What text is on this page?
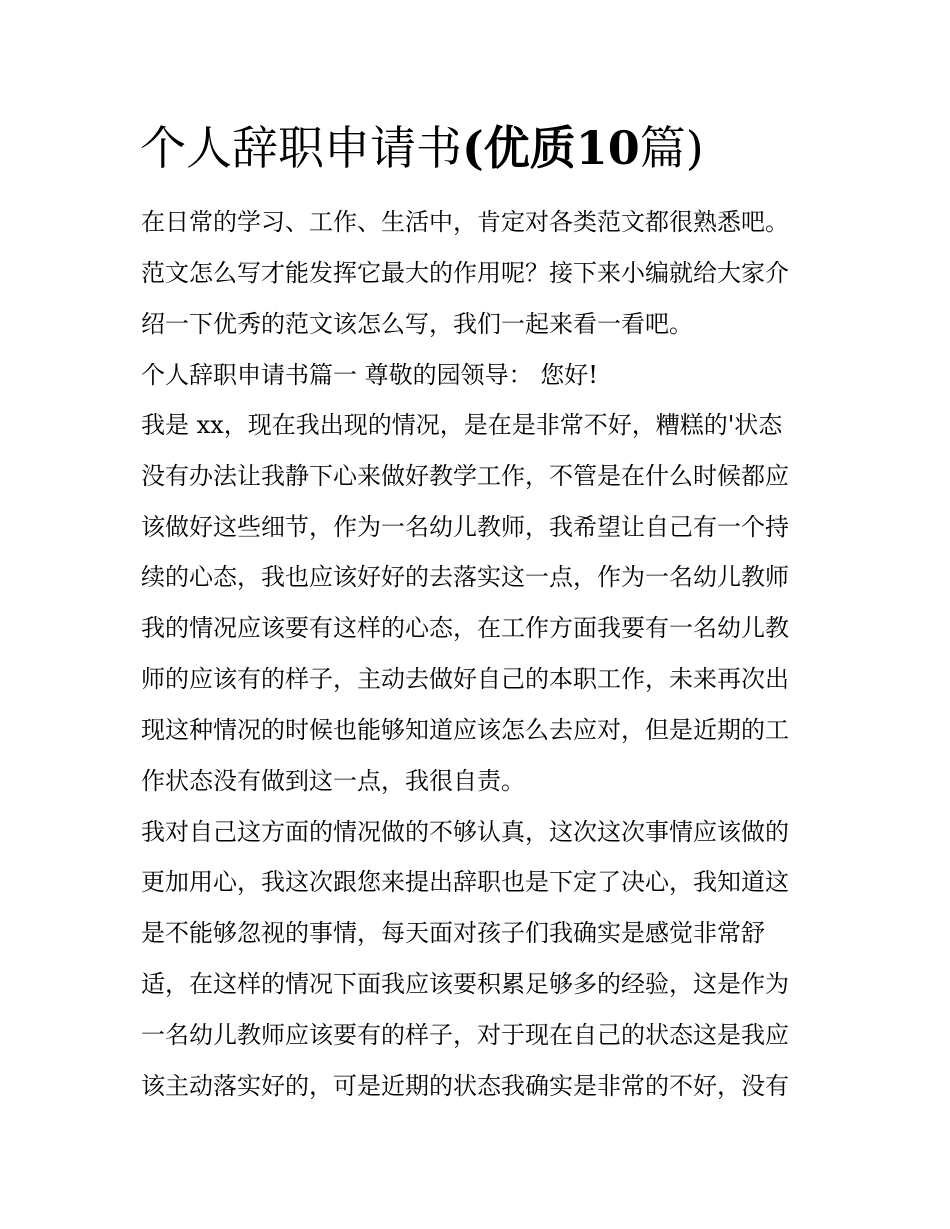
个人辞职申请书(优质10篇)

在日常的学习、工作、生活中，肯定对各类范文都很熟悉吧。

范文怎么写才能发挥它最大的作用呢？接下来小编就给大家介

绍一下优秀的范文该怎么写，我们一起来看一看吧。

个人辞职申请书篇一 尊敬的园领导： 您好!

我是 xx，现在我出现的情况，是在是非常不好，糟糕的'状态

没有办法让我静下心来做好教学工作，不管是在什么时候都应

该做好这些细节，作为一名幼儿教师，我希望让自己有一个持

续的心态，我也应该好好的去落实这一点，作为一名幼儿教师

我的情况应该要有这样的心态，在工作方面我要有一名幼儿教

师的应该有的样子，主动去做好自己的本职工作，未来再次出

现这种情况的时候也能够知道应该怎么去应对，但是近期的工

作状态没有做到这一点，我很自责。

我对自己这方面的情况做的不够认真，这次这次事情应该做的

更加用心，我这次跟您来提出辞职也是下定了决心，我知道这

是不能够忽视的事情，每天面对孩子们我确实是感觉非常舒

适，在这样的情况下面我应该要积累足够多的经验，这是作为

一名幼儿教师应该要有的样子，对于现在自己的状态这是我应

该主动落实好的，可是近期的状态我确实是非常的不好，没有
